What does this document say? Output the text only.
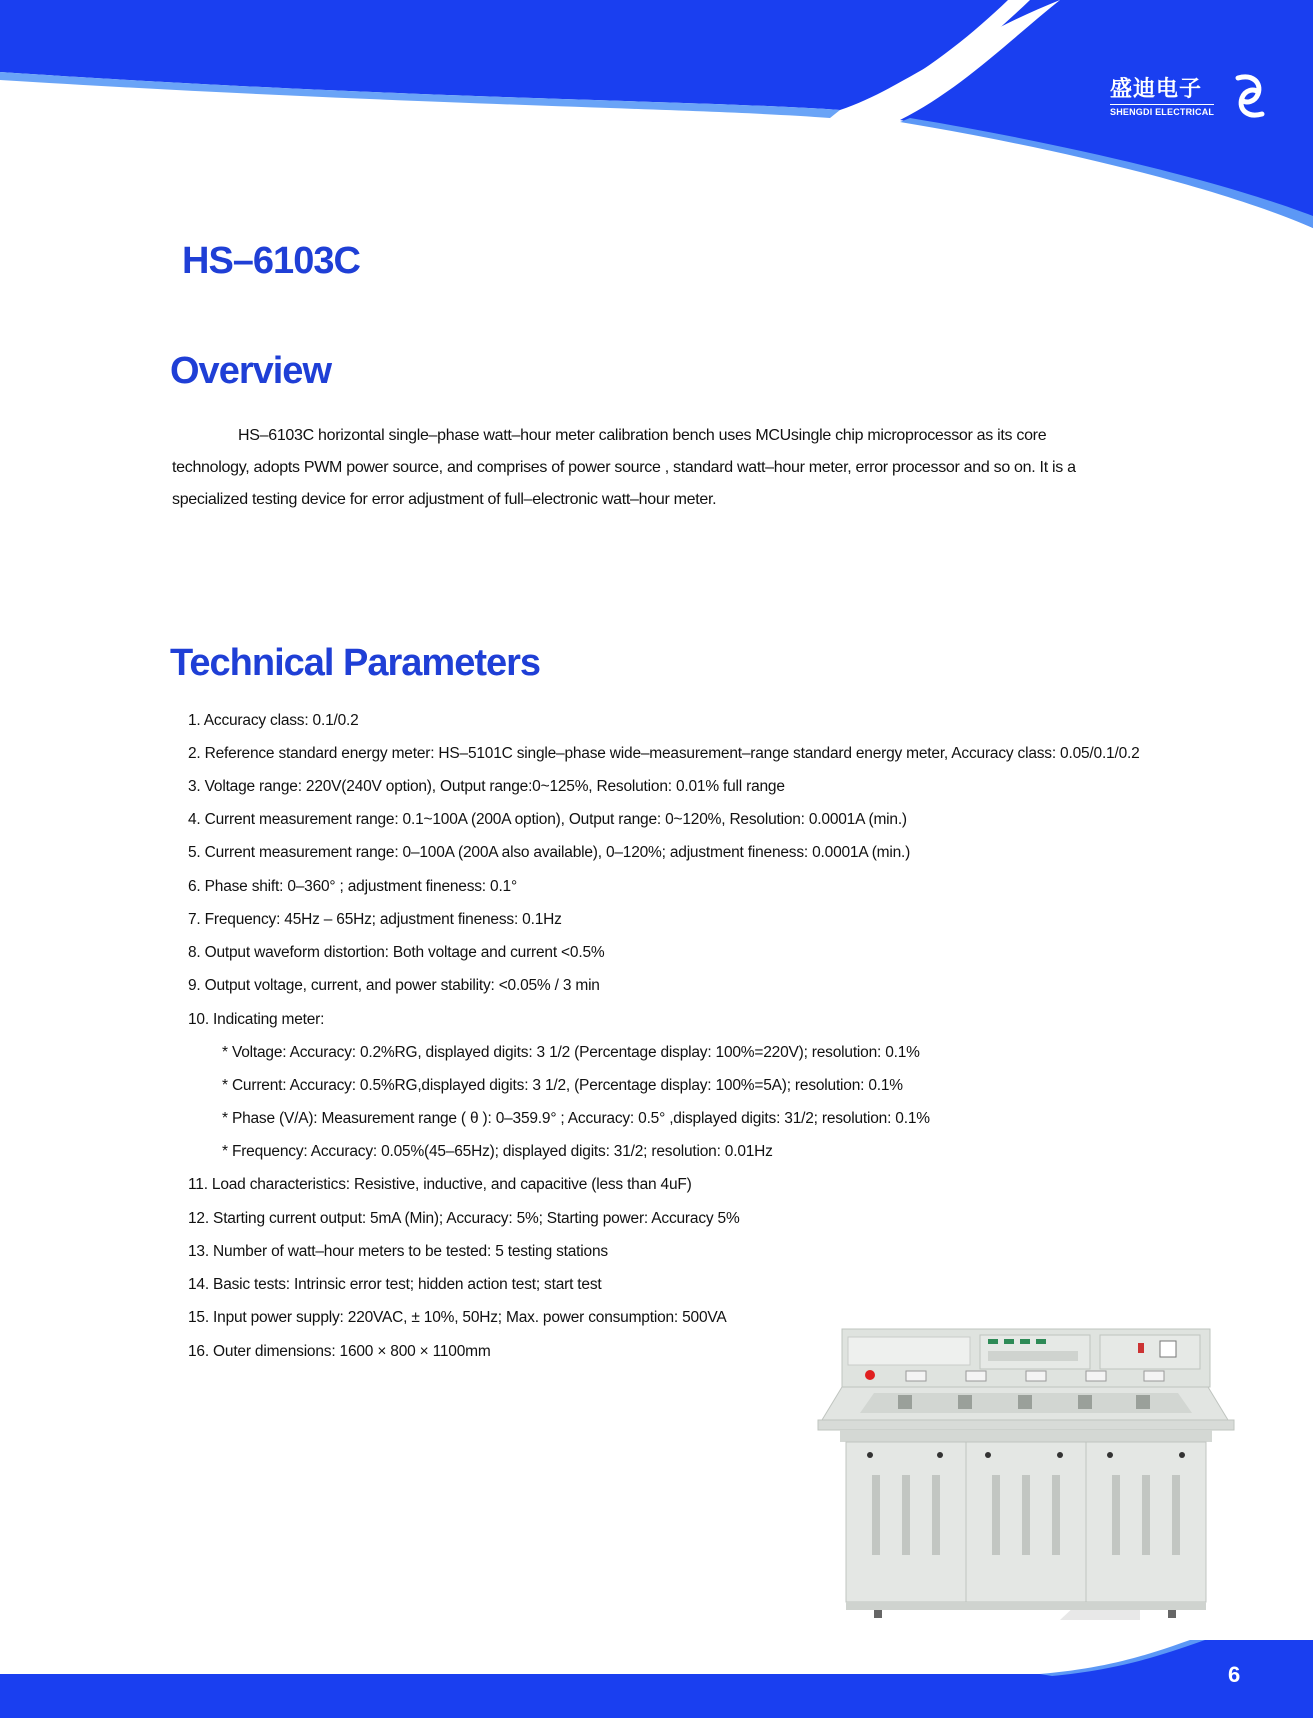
盛迪电子
SHENGDI ELECTRICAL
HS–6103C
Overview

HS–6103C horizontal single–phase watt–hour meter calibration bench uses MCUsingle chip microprocessor as its core technology, adopts PWM power source, and comprises of power source , standard watt–hour meter, error processor and so on. It is a specialized testing device for error adjustment of full–electronic watt–hour meter.

Technical Parameters
1. Accuracy class: 0.1/0.2
2. Reference standard energy meter: HS–5101C single–phase wide–measurement–range standard energy meter, Accuracy class: 0.05/0.1/0.2
3. Voltage range: 220V(240V option), Output range:0~125%, Resolution: 0.01% full range
4. Current measurement range: 0.1~100A (200A option), Output range: 0~120%, Resolution: 0.0001A (min.)
5. Current measurement range: 0–100A (200A also available), 0–120%; adjustment fineness: 0.0001A (min.)
6. Phase shift: 0–360° ; adjustment fineness: 0.1°
7. Frequency: 45Hz – 65Hz; adjustment fineness: 0.1Hz
8. Output waveform distortion: Both voltage and current <0.5%
9. Output voltage, current, and power stability: <0.05% / 3 min
10. Indicating meter:
* Voltage: Accuracy: 0.2%RG, displayed digits: 3 1/2 (Percentage display: 100%=220V); resolution: 0.1%
* Current: Accuracy: 0.5%RG,displayed digits: 3 1/2, (Percentage display: 100%=5A); resolution: 0.1%
* Phase (V/A): Measurement range ( θ ): 0–359.9° ; Accuracy: 0.5° ,displayed digits: 31/2; resolution: 0.1%
* Frequency: Accuracy: 0.05%(45–65Hz); displayed digits: 31/2; resolution: 0.01Hz
11. Load characteristics: Resistive, inductive, and capacitive (less than 4uF)
12. Starting current output: 5mA (Min); Accuracy: 5%; Starting power: Accuracy 5%
13. Number of watt–hour meters to be tested: 5 testing stations
14. Basic tests: Intrinsic error test; hidden action test; start test
15. Input power supply: 220VAC, ± 10%, 50Hz; Max. power consumption: 500VA
16. Outer dimensions: 1600 × 800 × 1100mm
6
